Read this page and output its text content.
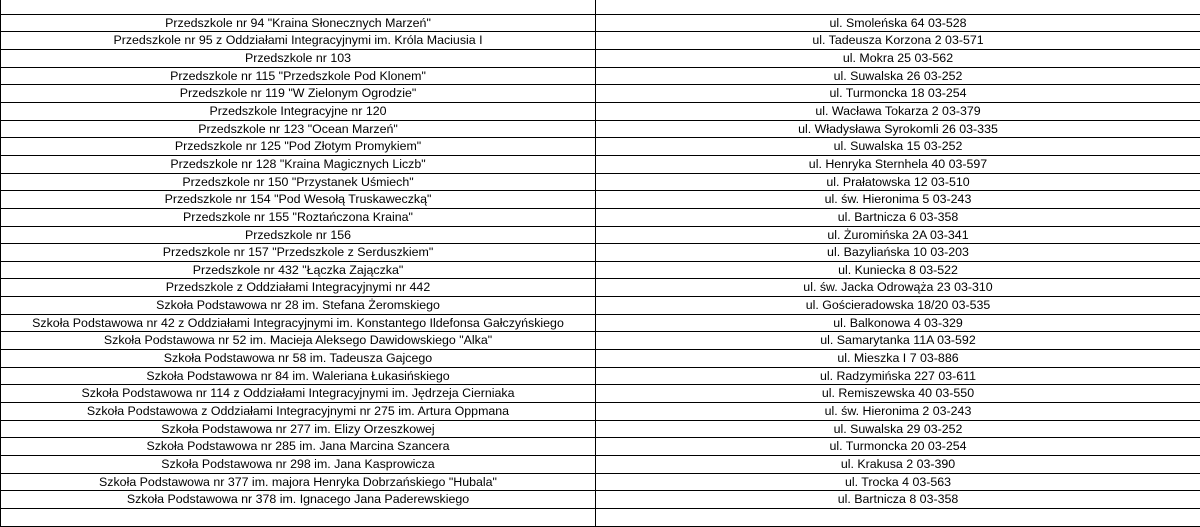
Przedszkole nr 94 "Kraina Słonecznych Marzeń"	ul. Smoleńska 64 03-528
Przedszkole nr 95 z Oddziałami Integracyjnymi im. Króla Maciusia I	ul. Tadeusza Korzona 2 03-571
Przedszkole nr 103	ul. Mokra 25 03-562
Przedszkole nr 115 "Przedszkole Pod Klonem"	ul. Suwalska 26 03-252
Przedszkole nr 119 "W Zielonym Ogrodzie"	ul. Turmoncka 18 03-254
Przedszkole Integracyjne nr 120	ul. Wacława Tokarza 2 03-379
Przedszkole nr 123 "Ocean Marzeń"	ul. Władysława Syrokomli 26 03-335
Przedszkole nr 125 "Pod Złotym Promykiem"	ul. Suwalska 15 03-252
Przedszkole nr 128 "Kraina Magicznych Liczb"	ul. Henryka Sternhela 40 03-597
Przedszkole nr 150 "Przystanek Uśmiech"	ul. Prałatowska 12 03-510
Przedszkole nr 154 "Pod Wesołą Truskaweczką"	ul. św. Hieronima 5 03-243
Przedszkole nr 155 "Roztańczona Kraina"	ul. Bartnicza 6 03-358
Przedszkole nr 156	ul. Żuromińska 2A 03-341
Przedszkole nr 157 "Przedszkole z Serduszkiem"	ul. Bazyliańska 10 03-203
Przedszkole nr 432 "Łączka Zajączka"	ul. Kuniecka 8 03-522
Przedszkole z Oddziałami Integracyjnymi nr 442	ul. św. Jacka Odrowąża 23 03-310
Szkoła Podstawowa nr 28 im. Stefana Żeromskiego	ul. Gościeradowska 18/20 03-535
Szkoła Podstawowa nr 42 z Oddziałami Integracyjnymi im. Konstantego Ildefonsa Gałczyńskiego	ul. Balkonowa 4 03-329
Szkoła Podstawowa nr 52 im. Macieja Aleksego Dawidowskiego "Alka"	ul. Samarytanka 11A 03-592
Szkoła Podstawowa nr 58 im. Tadeusza Gajcego	ul. Mieszka I 7 03-886
Szkoła Podstawowa nr 84 im. Waleriana Łukasińskiego	ul. Radzymińska 227 03-611
Szkoła Podstawowa nr 114 z Oddziałami Integracyjnymi im. Jędrzeja Cierniaka	ul. Remiszewska 40 03-550
Szkoła Podstawowa z Oddziałami Integracyjnymi nr 275 im. Artura Oppmana	ul. św. Hieronima 2 03-243
Szkoła Podstawowa nr 277 im. Elizy Orzeszkowej	ul. Suwalska 29 03-252
Szkoła Podstawowa nr 285 im. Jana Marcina Szancera	ul. Turmoncka 20 03-254
Szkoła Podstawowa nr 298 im. Jana Kasprowicza	ul. Krakusa 2 03-390
Szkoła Podstawowa nr 377 im. majora Henryka Dobrzańskiego "Hubala"	ul. Trocka 4 03-563
Szkoła Podstawowa nr 378 im. Ignacego Jana Paderewskiego	ul. Bartnicza 8 03-358
